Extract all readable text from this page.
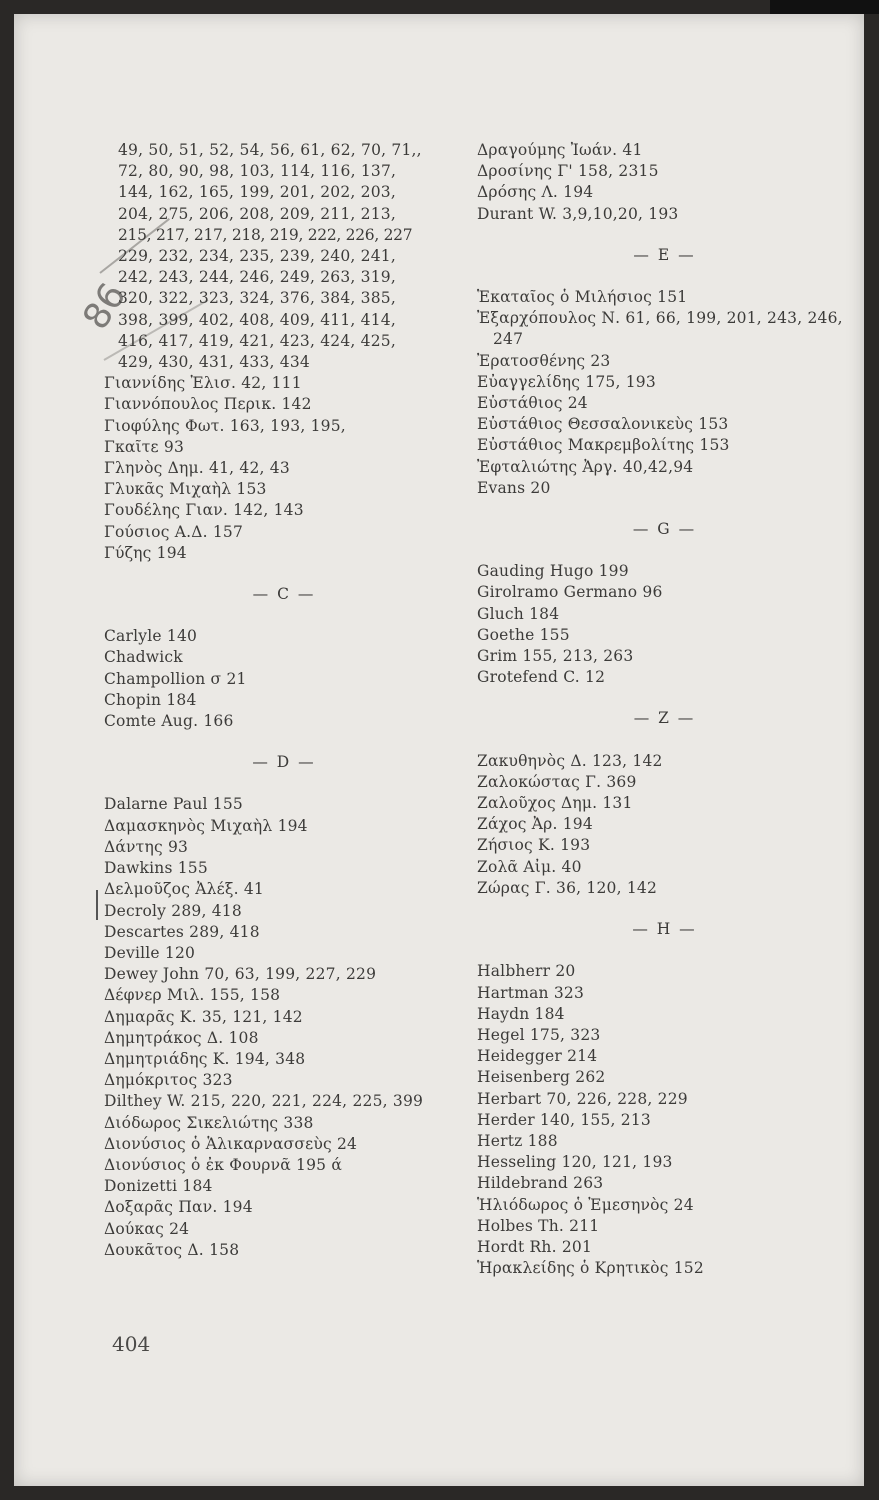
86
49, 50, 51, 52, 54, 56, 61, 62, 70, 71,,
72, 80, 90, 98, 103, 114, 116, 137,
144, 162, 165, 199, 201, 202, 203,
204, 275, 206, 208, 209, 211, 213,
215, 217, 217, 218, 219, 222, 226, 227
229, 232, 234, 235, 239, 240, 241,
242, 243, 244, 246, 249, 263, 319,
320, 322, 323, 324, 376, 384, 385,
398, 399, 402, 408, 409, 411, 414,
416, 417, 419, 421, 423, 424, 425,
429, 430, 431, 433, 434
Γιαννίδης Ἐλισ. 42, 111
Γιαννόπουλος Περικ. 142
Γιοφύλης Φωτ. 163, 193, 195,
Γκαῖτε 93
Γληνὸς Δημ. 41, 42, 43
Γλυκᾶς Μιχαὴλ 153
Γουδέλης Γιαν. 142, 143
Γούσιος Α.Δ. 157
Γύζης 194
— C —
Carlyle 140
Chadwick
Champollion σ 21
Chopin 184
Comte Aug. 166
— D —
Dalarne Paul 155
Δαμασκηνὸς Μιχαὴλ 194
Δάντης 93
Dawkins 155
Δελμοῦζος Ἀλέξ. 41
Decroly 289, 418
Descartes 289, 418
Deville 120
Dewey John 70, 63, 199, 227, 229
Δέφνερ Μιλ. 155, 158
Δημαρᾶς Κ. 35, 121, 142
Δημητράκος Δ. 108
Δημητριάδης Κ. 194, 348
Δημόκριτος 323
Dilthey W. 215, 220, 221, 224, 225, 399
Διόδωρος Σικελιώτης 338
Διονύσιος ὁ Ἁλικαρνασσεὺς 24
Διονύσιος ὁ ἐκ Φουρνᾶ 195 ά
Donizetti 184
Δοξαρᾶς Παν. 194
Δούκας 24
Δουκᾶτος Δ. 158
Δραγούμης Ἰωάν. 41
Δροσίνης Γ' 158, 2315
Δρόσης Λ. 194
Durant W. 3,9,10,20, 193
— E —
Ἑκαταῖος ὁ Μιλήσιος 151
Ἐξαρχόπουλος Ν. 61, 66, 199, 201, 243, 246, 247
Ἐρατοσθένης 23
Εὐαγγελίδης 175, 193
Εὐστάθιος 24
Εὐστάθιος Θεσσαλονικεὺς 153
Εὐστάθιος Μακρεμβολίτης 153
Ἐφταλιώτης Ἀργ. 40,42,94
Evans 20
— G —
Gauding Hugo 199
Girolramo Germano 96
Gluch 184
Goethe 155
Grim 155, 213, 263
Grotefend C. 12
— Z —
Ζακυθηνὸς Δ. 123, 142
Ζαλοκώστας Γ. 369
Ζαλοῦχος Δημ. 131
Ζάχος Ἀρ. 194
Ζήσιος Κ. 193
Ζολᾶ Αἰμ. 40
Ζώρας Γ. 36, 120, 142
— H —
Halbherr 20
Hartman 323
Haydn 184
Hegel 175, 323
Heidegger 214
Heisenberg 262
Herbart 70, 226, 228, 229
Herder 140, 155, 213
Hertz 188
Hesseling 120, 121, 193
Hildebrand 263
Ἡλιόδωρος ὁ Ἐμεσηνὸς 24
Holbes Th. 211
Hordt Rh. 201
Ἡρακλείδης ὁ Κρητικὸς 152
404
